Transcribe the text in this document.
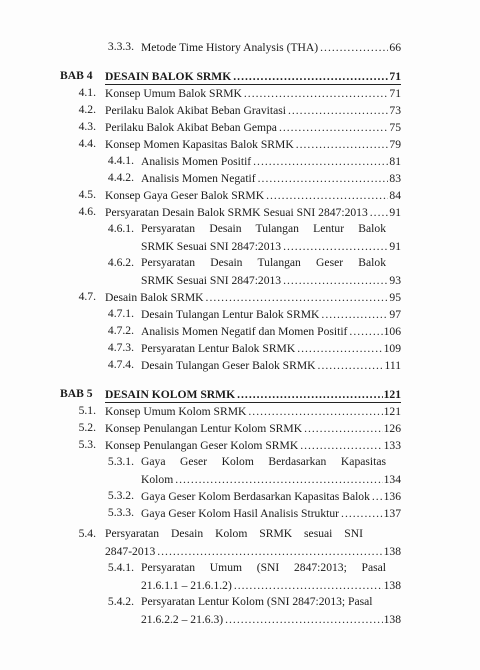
3.3.3. Metode Time History Analysis (THA) .....	66
BAB 4	DESAIN BALOK SRMK .....	71
4.1. Konsep Umum Balok SRMK .....	71
4.2. Perilaku Balok Akibat Beban Gravitasi .....	73
4.3. Perilaku Balok Akibat Beban Gempa .....	75
4.4. Konsep Momen Kapasitas Balok SRMK .....	79
4.4.1. Analisis Momen Positif .....	81
4.4.2. Analisis Momen Negatif .....	83
4.5. Konsep Gaya Geser Balok SRMK .....	84
4.6. Persyaratan Desain Balok SRMK Sesuai SNI 2847:2013 ..... 91
4.6.1. Persyaratan Desain Tulangan Lentur Balok
SRMK Sesuai SNI 2847:2013 .....	91
4.6.2. Persyaratan Desain Tulangan Geser Balok
SRMK Sesuai SNI 2847:2013 .....	93
4.7. Desain Balok SRMK .....	95
4.7.1. Desain Tulangan Lentur Balok SRMK .....	97
4.7.2. Analisis Momen Negatif dan Momen Positif .....	106
4.7.3. Persyaratan Lentur Balok SRMK .....	109
4.7.4. Desain Tulangan Geser Balok SRMK .....	111
BAB 5	DESAIN KOLOM SRMK .....	121
5.1. Konsep Umum Kolom SRMK .....	121
5.2. Konsep Penulangan Lentur Kolom SRMK .....	126
5.3. Konsep Penulangan Geser Kolom SRMK .....	133
5.3.1. Gaya Geser Kolom Berdasarkan Kapasitas
Kolom .....	134
5.3.2. Gaya Geser Kolom Berdasarkan Kapasitas Balok ..... 136
5.3.3. Gaya Geser Kolom Hasil Analisis Struktur .....	137
5.4. Persyaratan Desain Kolom SRMK sesuai SNI
2847-2013 .....	138
5.4.1. Persyaratan Umum (SNI 2847:2013; Pasal
21.6.1.1 – 21.6.1.2) .....	138
5.4.2. Persyaratan Lentur Kolom (SNI 2847:2013; Pasal
21.6.2.2 – 21.6.3) .....	138
